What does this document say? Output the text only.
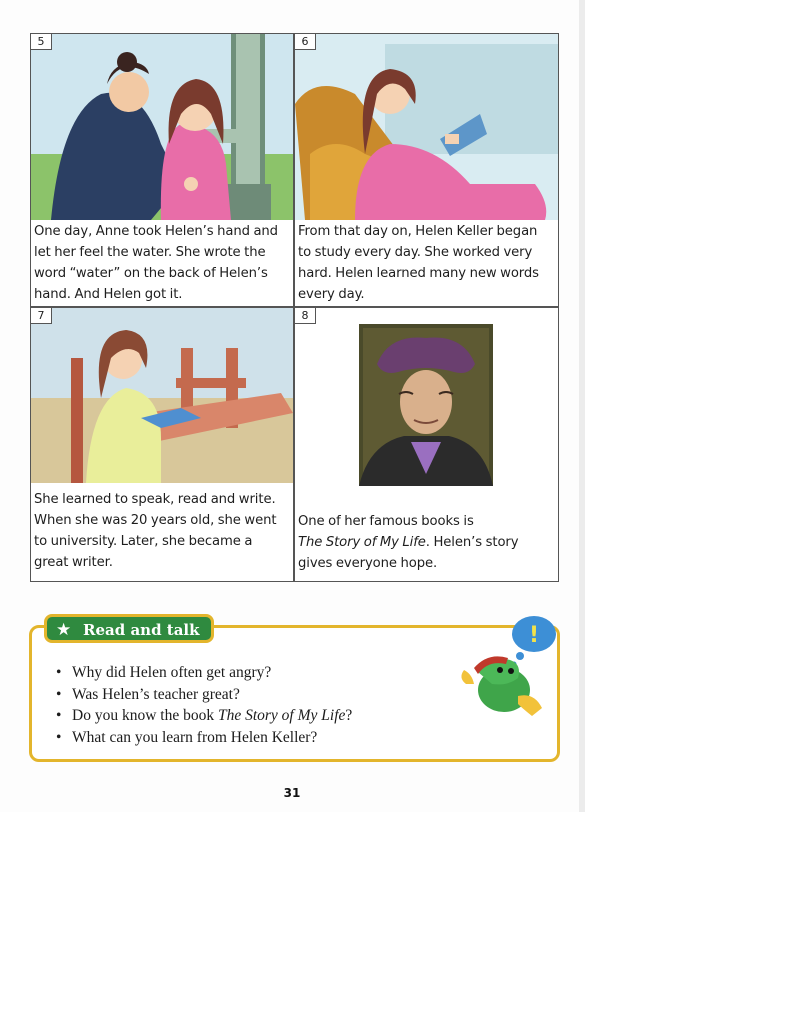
5
One day, Anne took Helen’s hand and
let her feel the water. She wrote the
word “water” on the back of Helen’s
hand. And Helen got it.
6
From that day on, Helen Keller began
to study every day. She worked very
hard. Helen learned many new words
every day.
7
She learned to speak, read and write.
When she was 20 years old, she went
to university. Later, she became a
great writer.
8
One of her famous books is
The Story of My Life. Helen’s story
gives everyone hope.
★ Read and talk
• Why did Helen often get angry?
• Was Helen’s teacher great?
• Do you know the book The Story of My Life?
• What can you learn from Helen Keller?
!
31
